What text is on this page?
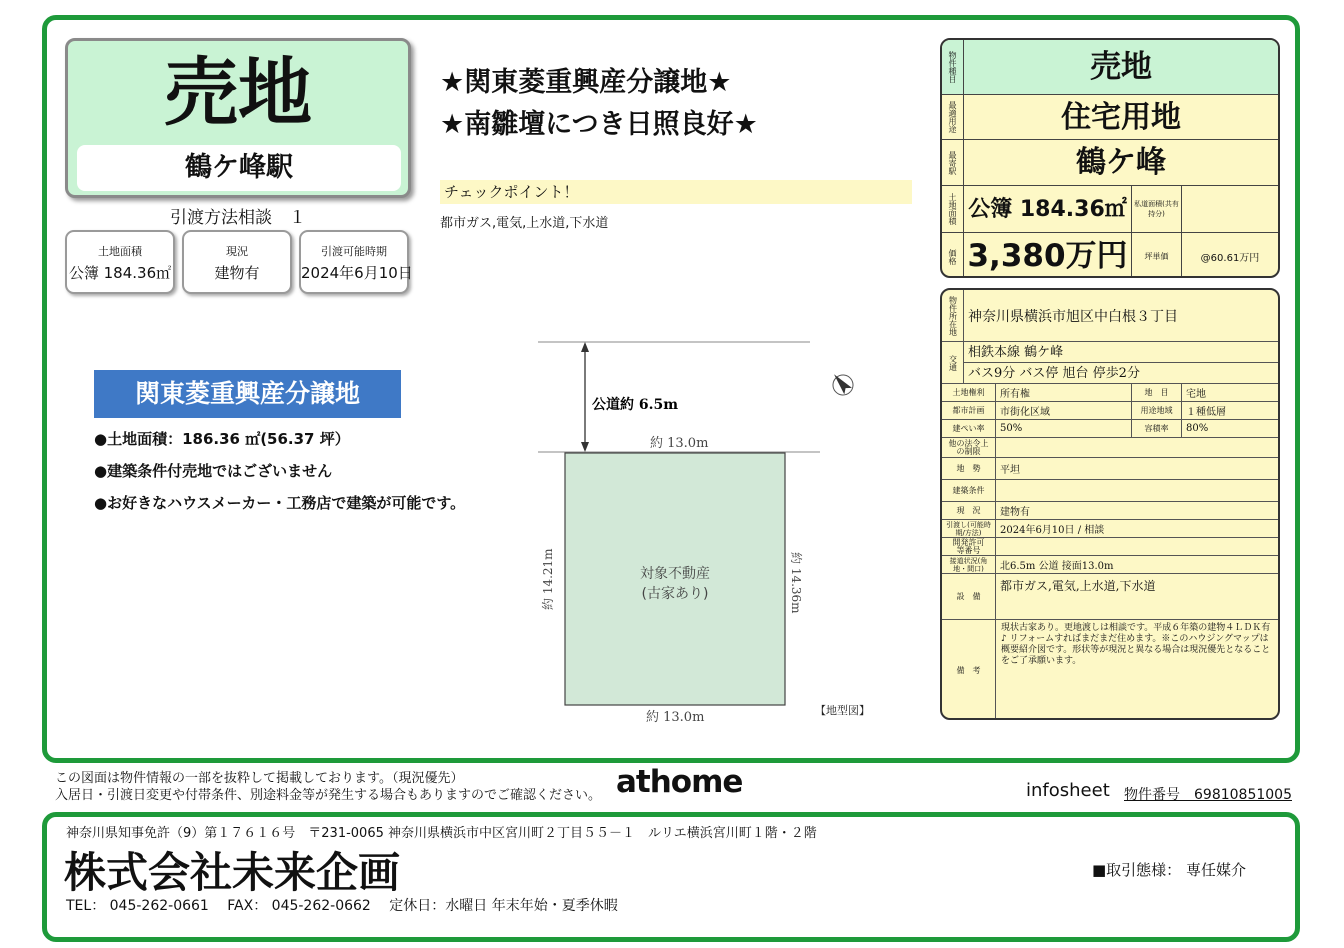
売地
鶴ケ峰駅
引渡方法相談　１
土地面積
公簿 184.36㎡
現況
建物有
引渡可能時期
2024年6月10日
★関東菱重興産分譲地★
★南雛壇につき日照良好★
チェックポイント！
都市ガス,電気,上水道,下水道
関東菱重興産分譲地
●土地面積：186.36 ㎡(56.37 坪）
●建築条件付売地ではございません
●お好きなハウスメーカー・工務店で建築が可能です。
公道約 6.5m
約 13.0m
対象不動産
(古家あり)
約 14.21m	約 14.36m
約 13.0m	【地型図】
物件種目	売地
最適用途	住宅用地
最寄駅	鶴ケ峰
土地面積 公簿 184.36㎡	私道面積(共有持分)
価格 3,380万円	坪単価	@60.61万円
物件所在地 神奈川県横浜市旭区中白根３丁目
交通
相鉄本線 鶴ケ峰
バス9分 バス停 旭台 停歩2分
土地権利	所有権	地　目	宅地
都市計画	市街化区域	用途地域	１種低層
建ぺい率	50%	容積率	80%
他の法令上の制限
地　勢	平坦
建築条件
現　況	建物有
引渡し(可能時期/方法)	2024年6月10日 / 相談
開発許可等番号
接道状況(角地・間口)	北6.5m 公道 接面13.0m
設　備
都市ガス,電気,上水道,下水道
備　考
現状古家あり。更地渡しは相談です。平成６年築の建物４ＬＤＫ有♪ リフォームすればまだまだ住めます。※このハウジングマップは概要紹介図です。形状等が現況と異なる場合は現況優先となることをご了承願います。
この図面は物件情報の一部を抜粋して掲載しております。（現況優先）
入居日・引渡日変更や付帯条件、別途料金等が発生する場合もありますのでご確認ください。 athome	infosheet 物件番号　69810851005
神奈川県知事免許（9）第１７６１６号　〒231-0065 神奈川県横浜市中区宮川町２丁目５５－１　ルリエ横浜宮川町１階・２階
株式会社未来企画
TEL： 045-262-0661　 FAX： 045-262-0662　 定休日：水曜日 年末年始・夏季休暇
■取引態様： 専任媒介
